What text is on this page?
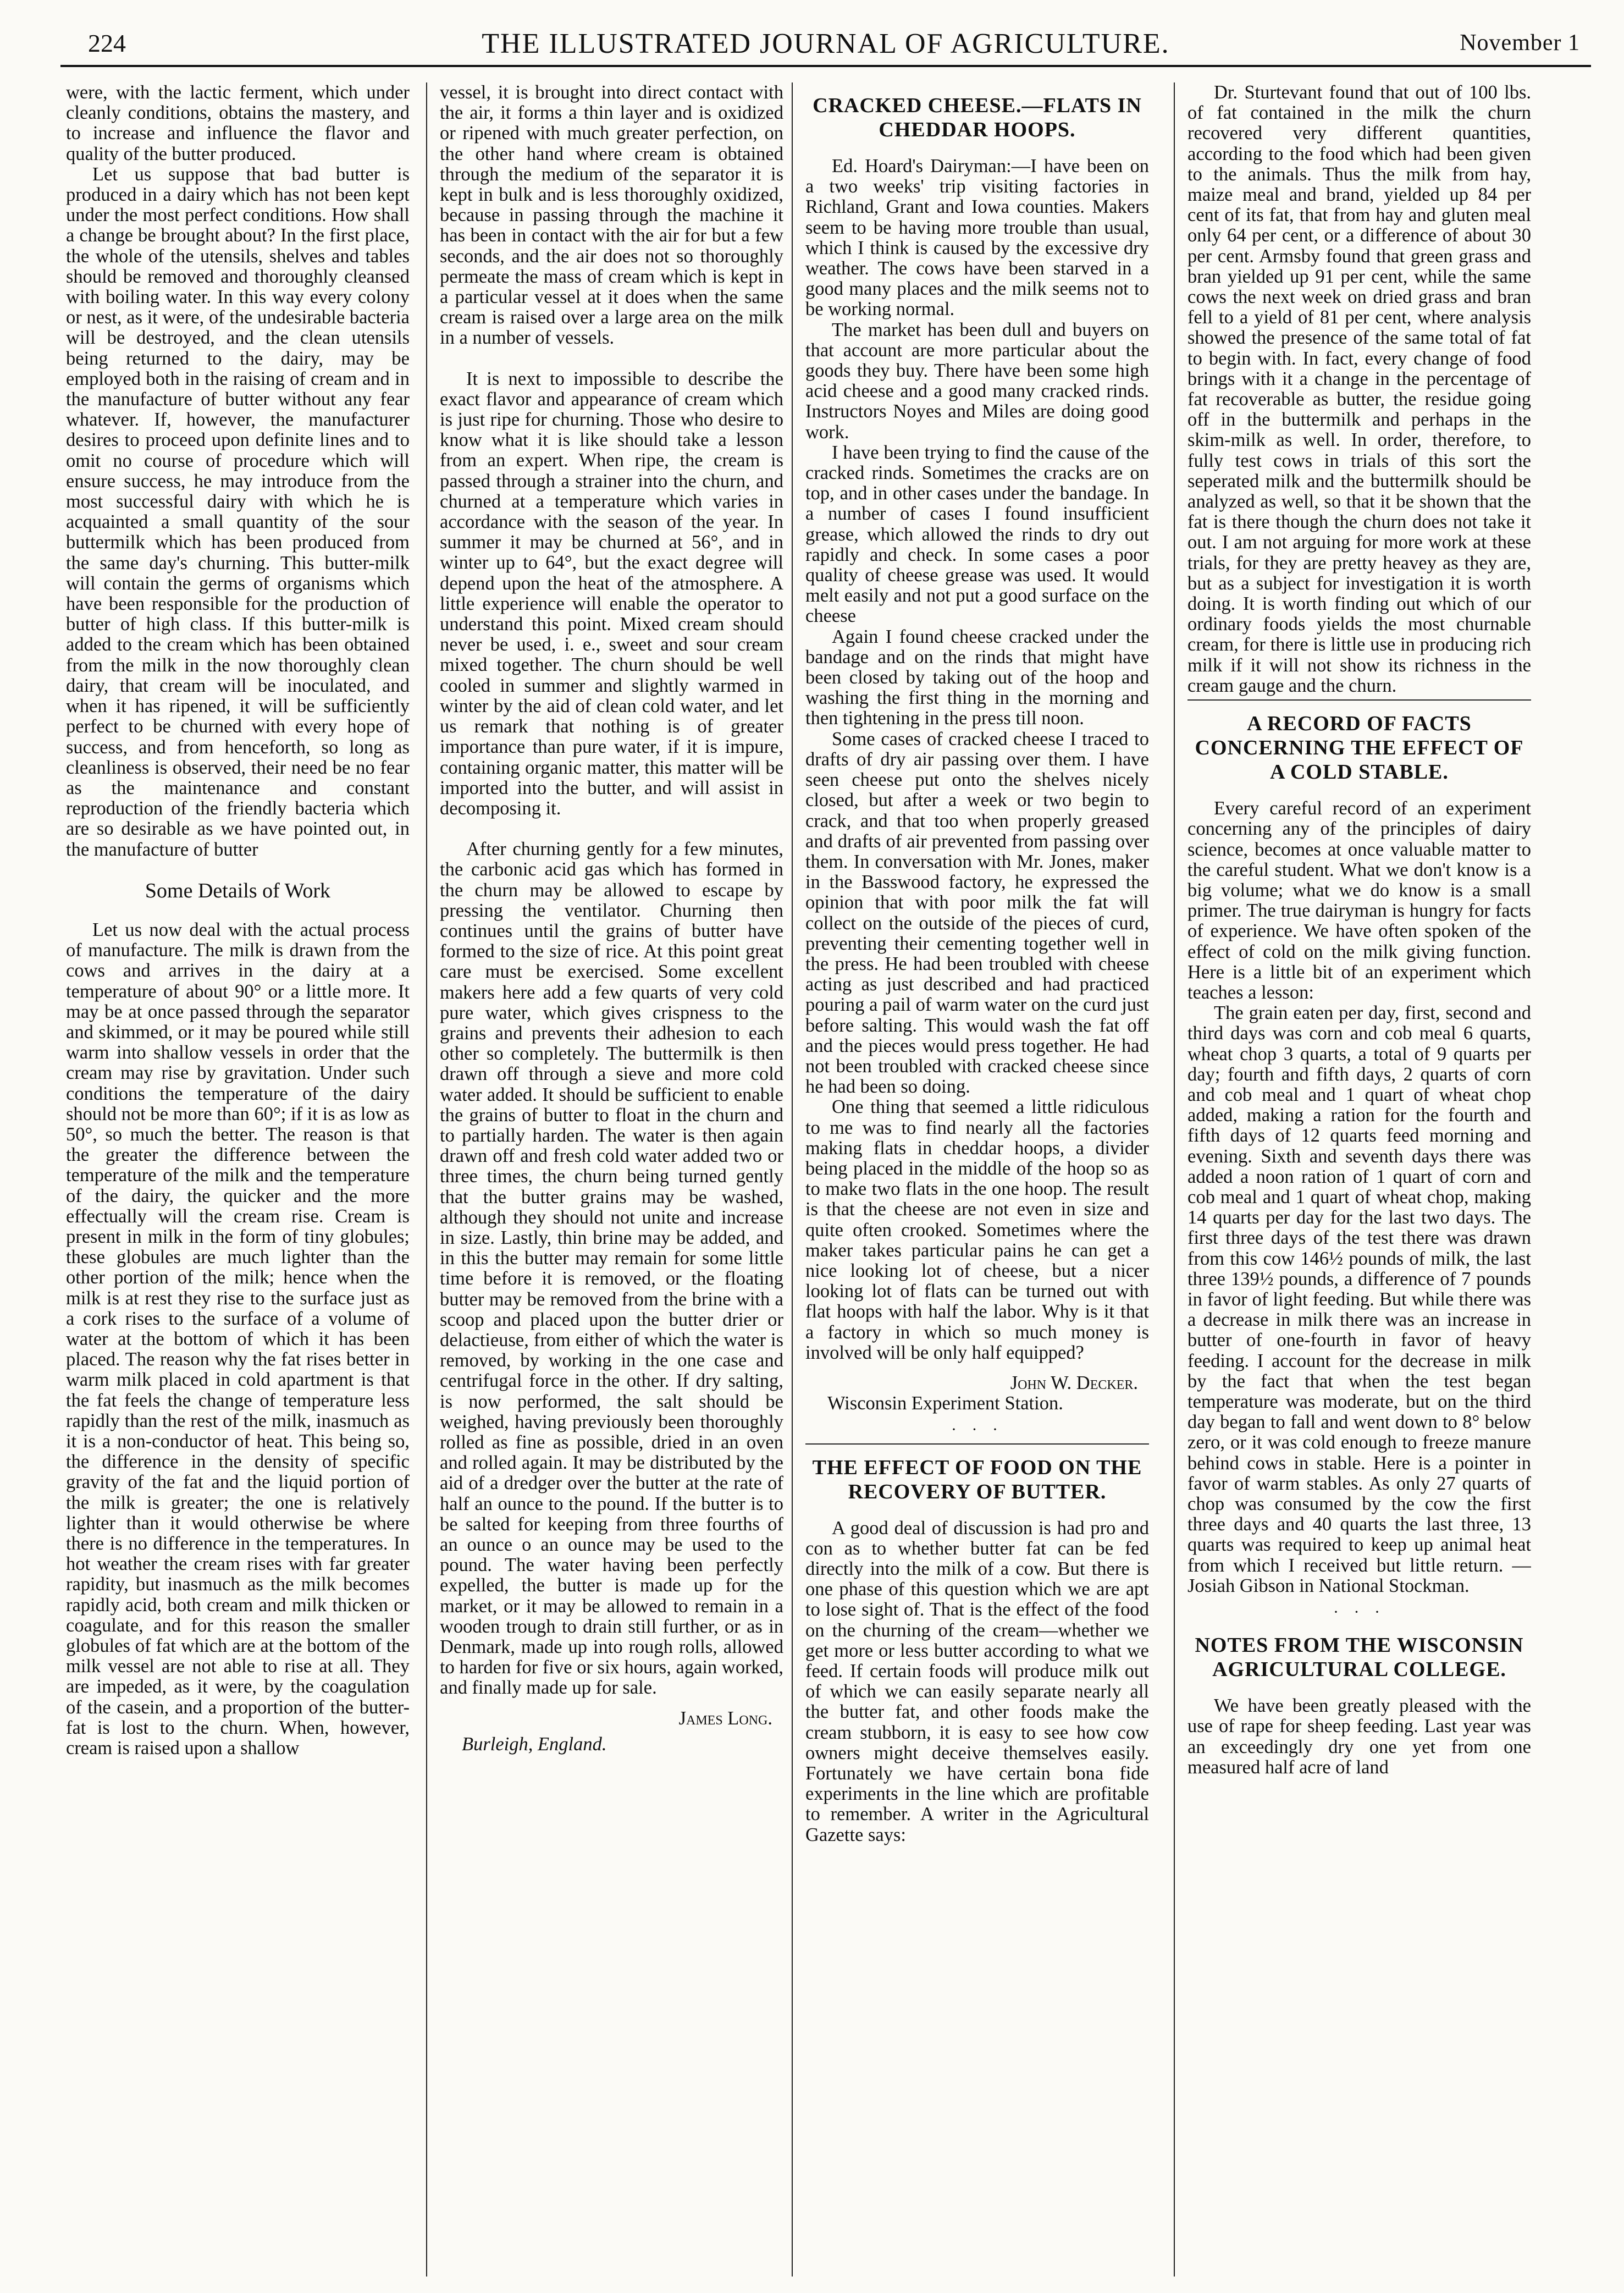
224	THE ILLUSTRATED JOURNAL OF AGRICULTURE.	November 1

were, with the lactic ferment, which under cleanly conditions, obtains the mastery, and to increase and influence the flavor and quality of the butter produced.

Let us suppose that bad butter is produced in a dairy which has not been kept under the most perfect conditions. How shall a change be brought about? In the first place, the whole of the utensils, shelves and tables should be removed and thoroughly cleansed with boiling water. In this way every colony or nest, as it were, of the undesirable bacteria will be destroyed, and the clean utensils being returned to the dairy, may be employed both in the raising of cream and in the manufacture of butter without any fear whatever. If, however, the manufacturer desires to proceed upon definite lines and to omit no course of procedure which will ensure success, he may introduce from the most successful dairy with which he is acquainted a small quantity of the sour buttermilk which has been produced from the same day's churning. This butter-milk will contain the germs of organisms which have been responsible for the production of butter of high class. If this butter-milk is added to the cream which has been obtained from the milk in the now thoroughly clean dairy, that cream will be inoculated, and when it has ripened, it will be sufficiently perfect to be churned with every hope of success, and from henceforth, so long as cleanliness is observed, their need be no fear as the maintenance and constant reproduction of the friendly bacteria which are so desirable as we have pointed out, in the manufacture of butter

Some Details of Work

Let us now deal with the actual process of manufacture. The milk is drawn from the cows and arrives in the dairy at a temperature of about 90° or a little more. It may be at once passed through the separator and skimmed, or it may be poured while still warm into shallow vessels in order that the cream may rise by gravitation. Under such conditions the temperature of the dairy should not be more than 60°; if it is as low as 50°, so much the better. The reason is that the greater the difference between the temperature of the milk and the temperature of the dairy, the quicker and the more effectually will the cream rise. Cream is present in milk in the form of tiny globules; these globules are much lighter than the other portion of the milk; hence when the milk is at rest they rise to the surface just as a cork rises to the surface of a volume of water at the bottom of which it has been placed. The reason why the fat rises better in warm milk placed in cold apartment is that the fat feels the change of temperature less rapidly than the rest of the milk, inasmuch as it is a non-conductor of heat. This being so, the difference in the density of specific gravity of the fat and the liquid portion of the milk is greater; the one is relatively lighter than it would otherwise be where there is no difference in the temperatures. In hot weather the cream rises with far greater rapidity, but inasmuch as the milk becomes rapidly acid, both cream and milk thicken or coagulate, and for this reason the smaller globules of fat which are at the bottom of the milk vessel are not able to rise at all. They are impeded, as it were, by the coagulation of the casein, and a proportion of the butter-fat is lost to the churn. When, however, cream is raised upon a shallow

vessel, it is brought into direct contact with the air, it forms a thin layer and is oxidized or ripened with much greater perfection, on the other hand where cream is obtained through the medium of the separator it is kept in bulk and is less thoroughly oxidized, because in passing through the machine it has been in contact with the air for but a few seconds, and the air does not so thoroughly permeate the mass of cream which is kept in a particular vessel at it does when the same cream is raised over a large area on the milk in a number of vessels.

It is next to impossible to describe the exact flavor and appearance of cream which is just ripe for churning. Those who desire to know what it is like should take a lesson from an expert. When ripe, the cream is passed through a strainer into the churn, and churned at a temperature which varies in accordance with the season of the year. In summer it may be churned at 56°, and in winter up to 64°, but the exact degree will depend upon the heat of the atmosphere. A little experience will enable the operator to understand this point. Mixed cream should never be used, i. e., sweet and sour cream mixed together. The churn should be well cooled in summer and slightly warmed in winter by the aid of clean cold water, and let us remark that nothing is of greater importance than pure water, if it is impure, containing organic matter, this matter will be imported into the butter, and will assist in decomposing it.

After churning gently for a few minutes, the carbonic acid gas which has formed in the churn may be allowed to escape by pressing the ventilator. Churning then continues until the grains of butter have formed to the size of rice. At this point great care must be exercised. Some excellent makers here add a few quarts of very cold pure water, which gives crispness to the grains and prevents their adhesion to each other so completely. The buttermilk is then drawn off through a sieve and more cold water added. It should be sufficient to enable the grains of butter to float in the churn and to partially harden. The water is then again drawn off and fresh cold water added two or three times, the churn being turned gently that the butter grains may be washed, although they should not unite and increase in size. Lastly, thin brine may be added, and in this the butter may remain for some little time before it is removed, or the floating butter may be removed from the brine with a scoop and placed upon the butter drier or delactieuse, from either of which the water is removed, by working in the one case and centrifugal force in the other. If dry salting, is now performed, the salt should be weighed, having previously been thoroughly rolled as fine as possible, dried in an oven and rolled again. It may be distributed by the aid of a dredger over the butter at the rate of half an ounce to the pound. If the butter is to be salted for keeping from three fourths of an ounce o an ounce may be used to the pound. The water having been perfectly expelled, the butter is made up for the market, or it may be allowed to remain in a wooden trough to drain still further, or as in Denmark, made up into rough rolls, allowed to harden for five or six hours, again worked, and finally made up for sale.

James Long.

Burleigh, England.

CRACKED CHEESE.—FLATS IN CHEDDAR HOOPS.

Ed. Hoard's Dairyman:—I have been on a two weeks' trip visiting factories in Richland, Grant and Iowa counties. Makers seem to be having more trouble than usual, which I think is caused by the excessive dry weather. The cows have been starved in a good many places and the milk seems not to be working normal.

The market has been dull and buyers on that account are more particular about the goods they buy. There have been some high acid cheese and a good many cracked rinds. Instructors Noyes and Miles are doing good work.

I have been trying to find the cause of the cracked rinds. Sometimes the cracks are on top, and in other cases under the bandage. In a number of cases I found insufficient grease, which allowed the rinds to dry out rapidly and check. In some cases a poor quality of cheese grease was used. It would melt easily and not put a good surface on the cheese

Again I found cheese cracked under the bandage and on the rinds that might have been closed by taking out of the hoop and washing the first thing in the morning and then tightening in the press till noon.

Some cases of cracked cheese I traced to drafts of dry air passing over them. I have seen cheese put onto the shelves nicely closed, but after a week or two begin to crack, and that too when properly greased and drafts of air prevented from passing over them. In conversation with Mr. Jones, maker in the Basswood factory, he expressed the opinion that with poor milk the fat will collect on the outside of the pieces of curd, preventing their cementing together well in the press. He had been troubled with cheese acting as just described and had practiced pouring a pail of warm water on the curd just before salting. This would wash the fat off and the pieces would press together. He had not been troubled with cracked cheese since he had been so doing.

One thing that seemed a little ridiculous to me was to find nearly all the factories making flats in cheddar hoops, a divider being placed in the middle of the hoop so as to make two flats in the one hoop. The result is that the cheese are not even in size and quite often crooked. Sometimes where the maker takes particular pains he can get a nice looking lot of cheese, but a nicer looking lot of flats can be turned out with flat hoops with half the labor. Why is it that a factory in which so much money is involved will be only half equipped?

John W. Decker.

Wisconsin Experiment Station.

· · ·
THE EFFECT OF FOOD ON THE RECOVERY OF BUTTER.

A good deal of discussion is had pro and con as to whether butter fat can be fed directly into the milk of a cow. But there is one phase of this question which we are apt to lose sight of. That is the effect of the food on the churning of the cream—whether we get more or less butter according to what we feed. If certain foods will produce milk out of which we can easily separate nearly all the butter fat, and other foods make the cream stubborn, it is easy to see how cow owners might deceive themselves easily. Fortunately we have certain bona fide experiments in the line which are profitable to remember. A writer in the Agricultural Gazette says:

Dr. Sturtevant found that out of 100 lbs. of fat contained in the milk the churn recovered very different quantities, according to the food which had been given to the animals. Thus the milk from hay, maize meal and brand, yielded up 84 per cent of its fat, that from hay and gluten meal only 64 per cent, or a difference of about 30 per cent. Armsby found that green grass and bran yielded up 91 per cent, while the same cows the next week on dried grass and bran fell to a yield of 81 per cent, where analysis showed the presence of the same total of fat to begin with. In fact, every change of food brings with it a change in the percentage of fat recoverable as butter, the residue going off in the buttermilk and perhaps in the skim-milk as well. In order, therefore, to fully test cows in trials of this sort the seperated milk and the buttermilk should be analyzed as well, so that it be shown that the fat is there though the churn does not take it out. I am not arguing for more work at these trials, for they are pretty heavey as they are, but as a subject for investigation it is worth doing. It is worth finding out which of our ordinary foods yields the most churnable cream, for there is little use in producing rich milk if it will not show its richness in the cream gauge and the churn.

A RECORD OF FACTS CONCERNING THE EFFECT OF A COLD STABLE.

Every careful record of an experiment concerning any of the principles of dairy science, becomes at once valuable matter to the careful student. What we don't know is a big volume; what we do know is a small primer. The true dairyman is hungry for facts of experience. We have often spoken of the effect of cold on the milk giving function. Here is a little bit of an experiment which teaches a lesson:

The grain eaten per day, first, second and third days was corn and cob meal 6 quarts, wheat chop 3 quarts, a total of 9 quarts per day; fourth and fifth days, 2 quarts of corn and cob meal and 1 quart of wheat chop added, making a ration for the fourth and fifth days of 12 quarts feed morning and evening. Sixth and seventh days there was added a noon ration of 1 quart of corn and cob meal and 1 quart of wheat chop, making 14 quarts per day for the last two days. The first three days of the test there was drawn from this cow 146½ pounds of milk, the last three 139½ pounds, a difference of 7 pounds in favor of light feeding. But while there was a decrease in milk there was an increase in butter of one-fourth in favor of heavy feeding. I account for the decrease in milk by the fact that when the test began temperature was moderate, but on the third day began to fall and went down to 8° below zero, or it was cold enough to freeze manure behind cows in stable. Here is a pointer in favor of warm stables. As only 27 quarts of chop was consumed by the cow the first three days and 40 quarts the last three, 13 quarts was required to keep up animal heat from which I received but little return. — Josiah Gibson in National Stockman.

· · ·
NOTES FROM THE WISCONSIN AGRICULTURAL COLLEGE.

We have been greatly pleased with the use of rape for sheep feeding. Last year was an exceedingly dry one yet from one measured half acre of land
